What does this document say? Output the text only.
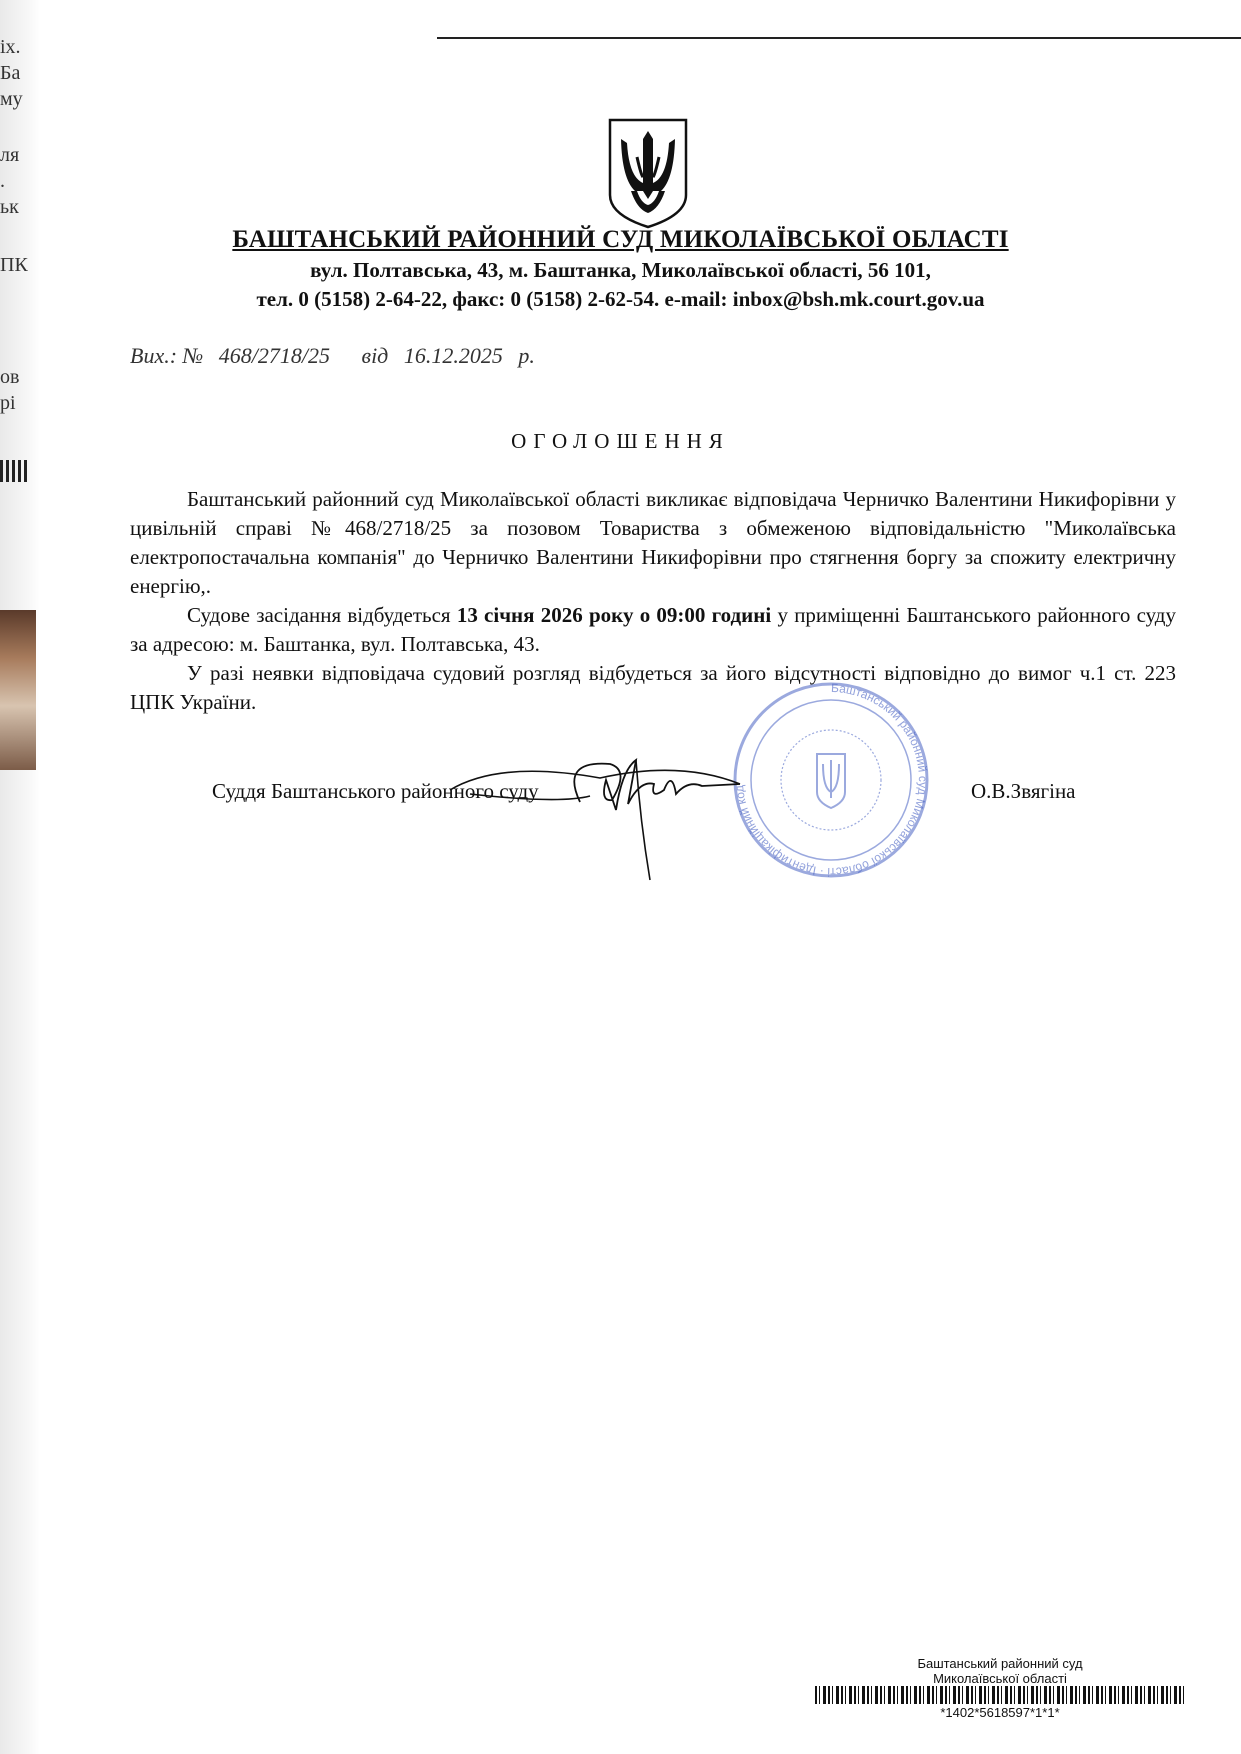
іх.
Ба
му
ля
.
ьк
ПК
ов
рі
БАШТАНСЬКИЙ РАЙОННИЙ СУД МИКОЛАЇВСЬКОЇ ОБЛАСТІ
вул. Полтавська, 43, м. Баштанка, Миколаївської області, 56 101,
тел. 0 (5158) 2-64-22, факс: 0 (5158) 2-62-54. e-mail: inbox@bsh.mk.court.gov.ua
Вих.: № 468/2718/25 від 16.12.2025 р.
ОГОЛОШЕННЯ

Баштанський районний суд Миколаївської області викликає відповідача Черничко Валентини Никифорівни у цивільній справі №468/2718/25 за позовом Товариства з обмеженою відповідальністю "Миколаївська електропостачальна компанія" до Черничко Валентини Никифорівни про стягнення боргу за спожиту електричну енергію,.

Судове засідання відбудеться 13 січня 2026 року о 09:00 годині у приміщенні Баштанського районного суду за адресою: м. Баштанка, вул. Полтавська, 43.

У разі неявки відповідача судовий розгляд відбудеться за його відсутності відповідно до вимог ч.1 ст. 223 ЦПК України.

Баштанський районний суд Миколаївської області · Ідентифікаційний код
Суддя Баштанського районного суду	О.В.Звягіна
Баштанський районний суд
Миколаївської області
*1402*5618597*1*1*
